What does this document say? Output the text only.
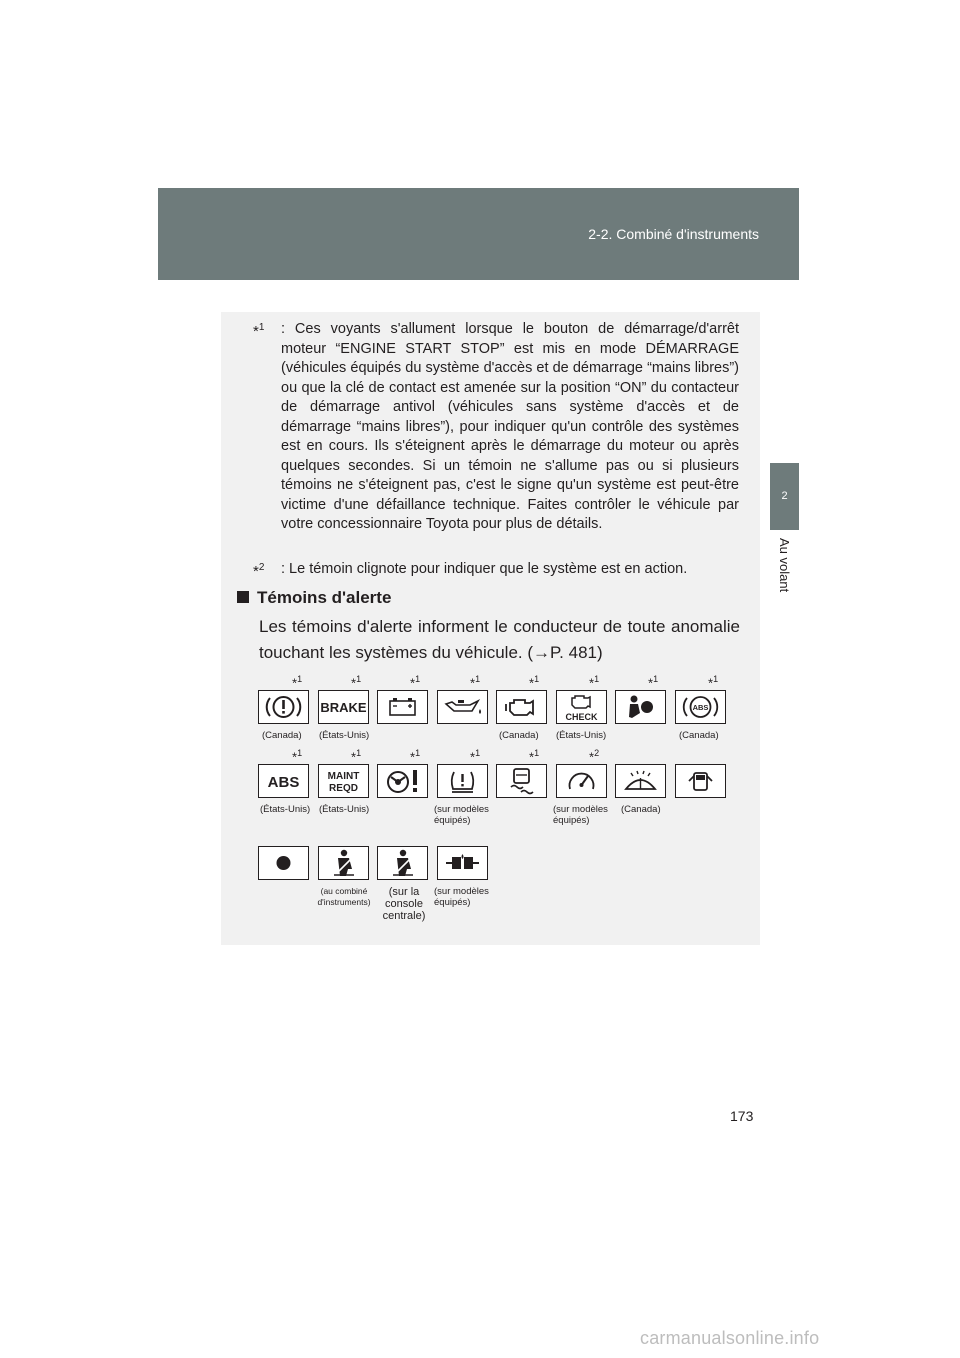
2-2. Combiné d'instruments
2
Au volant
*$^1$	: Ces voyants s'allument lorsque le bouton de démarrage/d'arrêt moteur “ENGINE START STOP” est mis en mode DÉMARRAGE (véhicules équipés du système d'accès et de démarrage “mains libres”) ou que la clé de contact est amenée sur la position “ON” du contacteur de démarrage antivol (véhicules sans système d'accès et de démarrage “mains libres”), pour indiquer qu'un contrôle des systèmes est en cours. Ils s'éteignent après le démarrage du moteur ou après quelques secondes. Si un témoin ne s'allume pas ou si plusieurs témoins ne s'éteignent pas, c'est le signe qu'un système est peut-être victime d'une défaillance technique. Faites contrôler le véhicule par votre concessionnaire Toyota pour plus de détails.
*$^2$	: Le témoin clignote pour indiquer que le système est en action.
Témoins d'alerte
Les témoins d'alerte informent le conducteur de toute anomalie touchant les systèmes du véhicule. (→P. 481)
*$^1$	*$^1$	*$^1$	*$^1$	*$^1$	*$^1$	*$^1$	*$^1$
BRAKE
CHECK
ABS
(Canada) (États-Unis)	(Canada) (États-Unis)	(Canada)
*$^1$	*$^1$	*$^1$	*$^1$	*$^1$	*$^2$
ABS	MAINT
REQD
(États-Unis) (États-Unis)	(sur modèles équipés)
(sur modèles équipés)
(Canada)
(au combiné d'instruments)
(sur la console centrale)
(sur modèles équipés)
173
carmanualsonline.info
